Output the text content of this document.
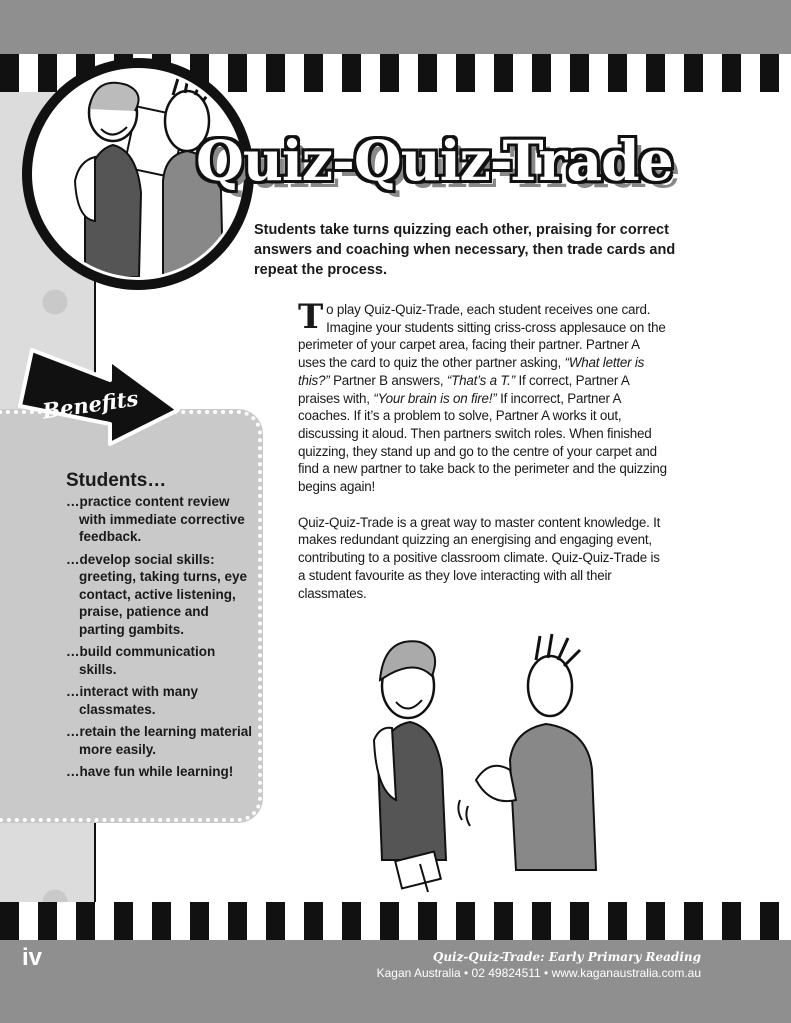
Quiz-Quiz-Trade
Students take turns quizzing each other, praising for correct answers and coaching when necessary, then trade cards and repeat the process.

To play Quiz-Quiz-Trade, each student receives one card. Imagine your students sitting criss-cross applesauce on the perimeter of your carpet area, facing their partner. Partner A uses the card to quiz the other partner asking, “What letter is this?” Partner B answers, “That’s a T.” If correct, Partner A praises with, “Your brain is on fire!” If incorrect, Partner A coaches. If it’s a problem to solve, Partner A works it out, discussing it aloud. Then partners switch roles. When finished quizzing, they stand up and go to the centre of your carpet and find a new partner to take back to the perimeter and the quizzing begins again!

Quiz-Quiz-Trade is a great way to master content knowledge. It makes redundant quizzing an energising and engaging event, contributing to a positive classroom climate. Quiz-Quiz-Trade is a student favourite as they love interacting with all their classmates.

Benefits
Students…
…practice content review with immediate corrective feedback.
…develop social skills: greeting, taking turns, eye contact, active listening, praise, patience and parting gambits.
…build communication skills.
…interact with many classmates.
…retain the learning material more easily.
…have fun while learning!
iv	Quiz-Quiz-Trade: Early Primary Reading
Kagan Australia • 02 49824511 • www.kaganaustralia.com.au
